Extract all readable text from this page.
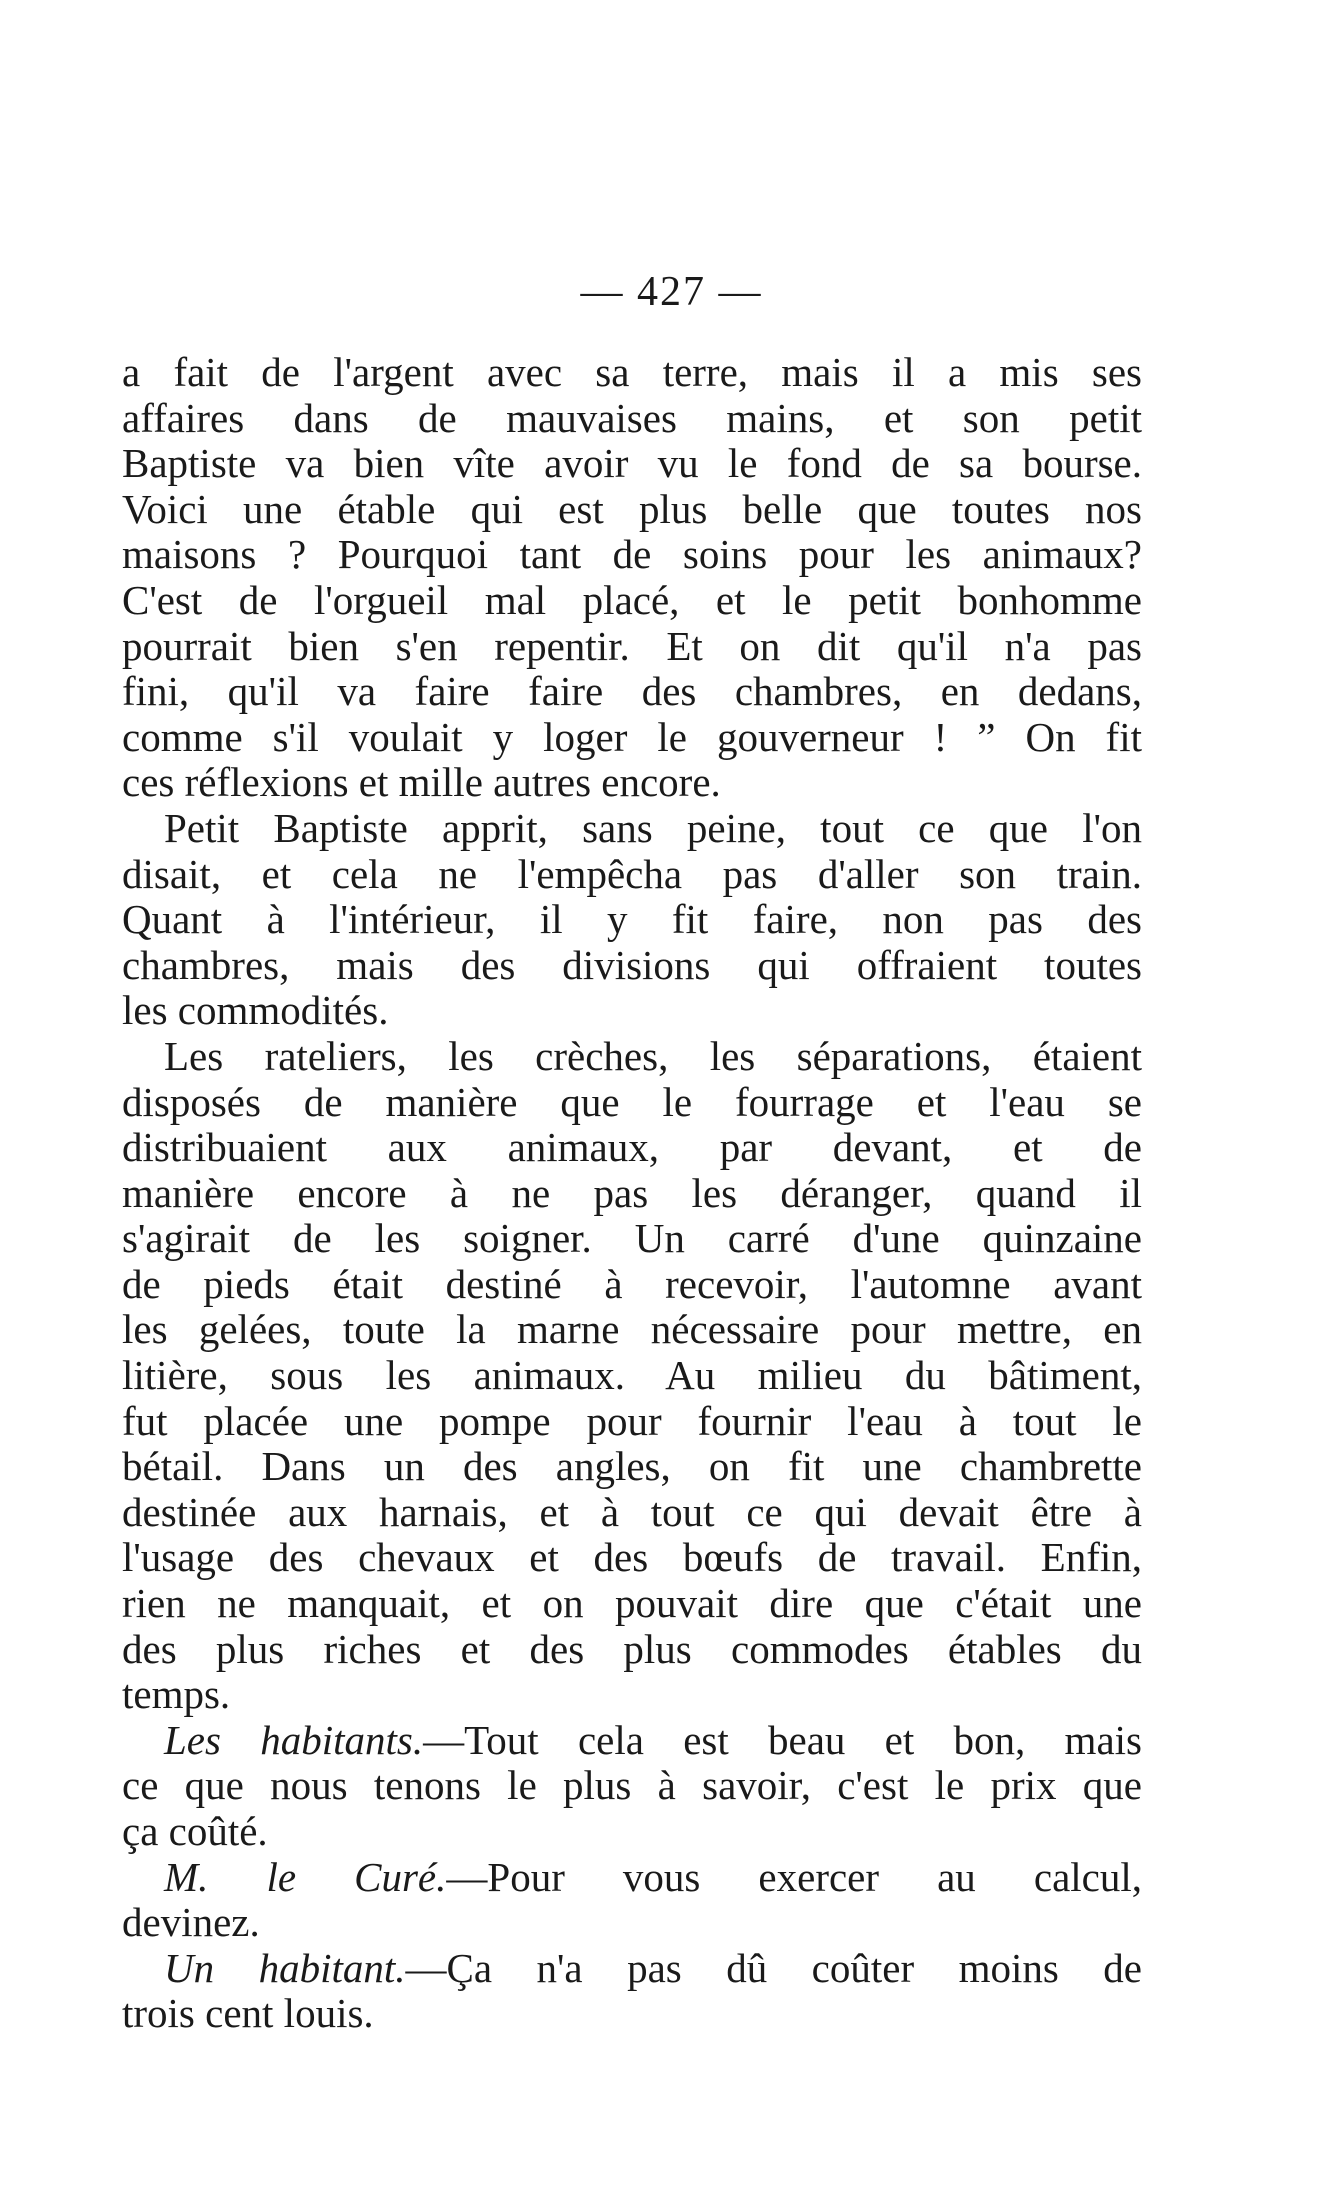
— 427 —
a fait de l'argent avec sa terre, mais il a mis ses
affaires dans de mauvaises mains, et son petit
Baptiste va bien vîte avoir vu le fond de sa bourse.
Voici une étable qui est plus belle que toutes nos
maisons ? Pourquoi tant de soins pour les animaux?
C'est de l'orgueil mal placé, et le petit bonhomme
pourrait bien s'en repentir. Et on dit qu'il n'a pas
fini, qu'il va faire faire des chambres, en dedans,
comme s'il voulait y loger le gouverneur ! ” On fit
ces réflexions et mille autres encore.
Petit Baptiste apprit, sans peine, tout ce que l'on
disait, et cela ne l'empêcha pas d'aller son train.
Quant à l'intérieur, il y fit faire, non pas des
chambres, mais des divisions qui offraient toutes
les commodités.
Les rateliers, les crèches, les séparations, étaient
disposés de manière que le fourrage et l'eau se
distribuaient aux animaux, par devant, et de
manière encore à ne pas les déranger, quand il
s'agirait de les soigner. Un carré d'une quinzaine
de pieds était destiné à recevoir, l'automne avant
les gelées, toute la marne nécessaire pour mettre, en
litière, sous les animaux. Au milieu du bâtiment,
fut placée une pompe pour fournir l'eau à tout le
bétail. Dans un des angles, on fit une chambrette
destinée aux harnais, et à tout ce qui devait être à
l'usage des chevaux et des bœufs de travail. Enfin,
rien ne manquait, et on pouvait dire que c'était une
des plus riches et des plus commodes étables du
temps.
Les habitants.—Tout cela est beau et bon, mais
ce que nous tenons le plus à savoir, c'est le prix que
ça coûté.
M. le Curé.—Pour vous exercer au calcul,
devinez.
Un habitant.—Ça n'a pas dû coûter moins de
trois cent louis.
